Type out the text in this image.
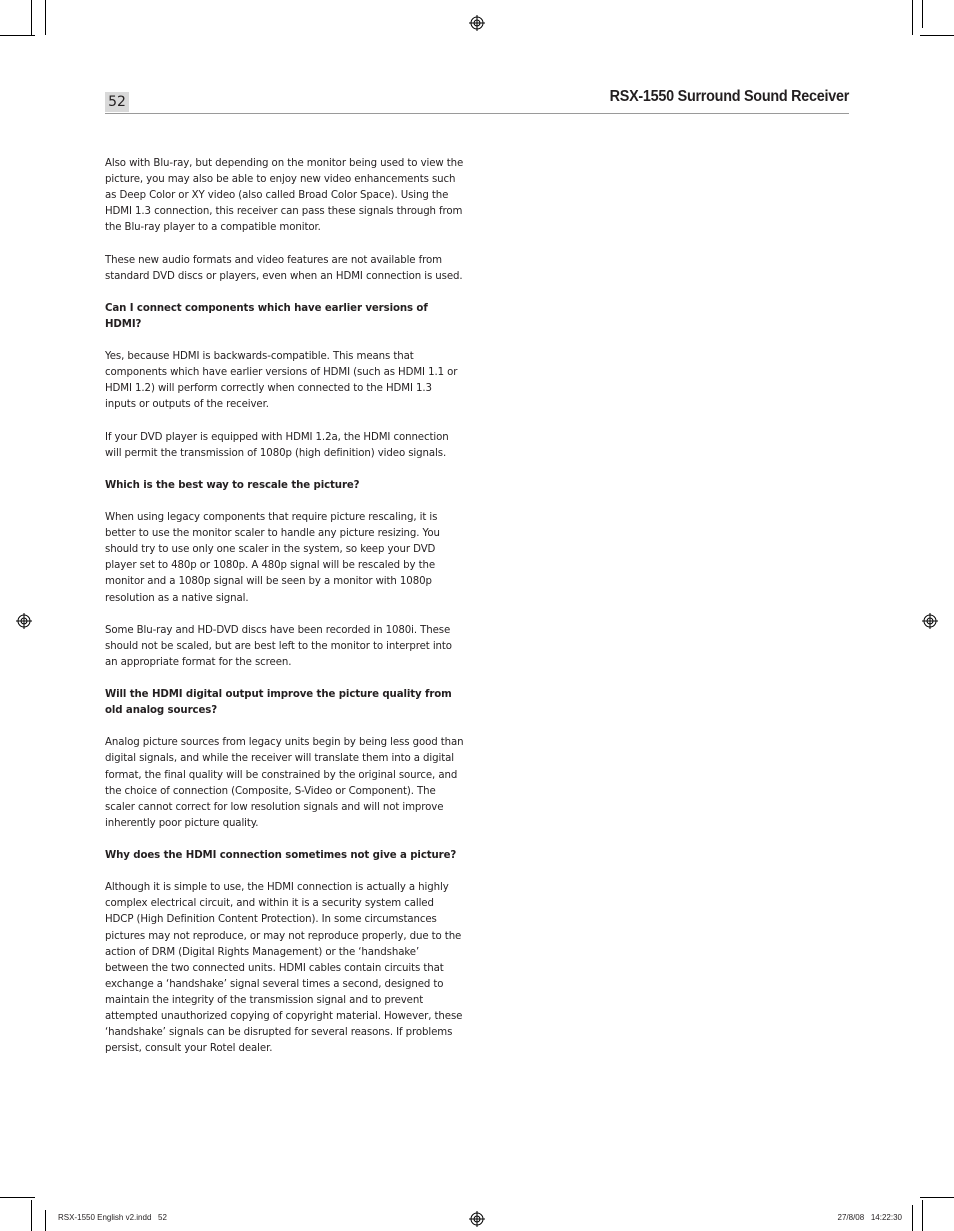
52	RSX-1550 Surround Sound Receiver

Also with Blu-ray, but depending on the monitor being used to view the picture, you may also be able to enjoy new video enhancements such as Deep Color or XY video (also called Broad Color Space). Using the HDMI 1.3 connection, this receiver can pass these signals through from the Blu-ray player to a compatible monitor.

These new audio formats and video features are not available from standard DVD discs or players, even when an HDMI connection is used.

Can I connect components which have earlier versions of HDMI?

Yes, because HDMI is backwards-compatible. This means that components which have earlier versions of HDMI (such as HDMI 1.1 or HDMI 1.2) will perform correctly when connected to the HDMI 1.3 inputs or outputs of the receiver.

If your DVD player is equipped with HDMI 1.2a, the HDMI connection will permit the transmission of 1080p (high definition) video signals.

Which is the best way to rescale the picture?

When using legacy components that require picture rescaling, it is better to use the monitor scaler to handle any picture resizing. You should try to use only one scaler in the system, so keep your DVD player set to 480p or 1080p. A 480p signal will be rescaled by the monitor and a 1080p signal will be seen by a monitor with 1080p resolution as a native signal.

Some Blu-ray and HD-DVD discs have been recorded in 1080i. These should not be scaled, but are best left to the monitor to interpret into an appropriate format for the screen.

Will the HDMI digital output improve the picture quality from old analog sources?

Analog picture sources from legacy units begin by being less good than digital signals, and while the receiver will translate them into a digital format, the final quality will be constrained by the original source, and the choice of connection (Composite, S-Video or Component). The scaler cannot correct for low resolution signals and will not improve inherently poor picture quality.

Why does the HDMI connection sometimes not give a picture?

Although it is simple to use, the HDMI connection is actually a highly complex electrical circuit, and within it is a security system called HDCP (High Definition Content Protection). In some circumstances pictures may not reproduce, or may not reproduce properly, due to the action of DRM (Digital Rights Management) or the ‘handshake’ between the two connected units. HDMI cables contain circuits that exchange a ‘handshake’ signal several times a second, designed to maintain the integrity of the transmission signal and to prevent attempted unauthorized copying of copyright material. However, these ‘handshake’ signals can be disrupted for several reasons. If problems persist, consult your Rotel dealer.

RSX-1550 English v2.indd   52	27/8/08   14:22:30
